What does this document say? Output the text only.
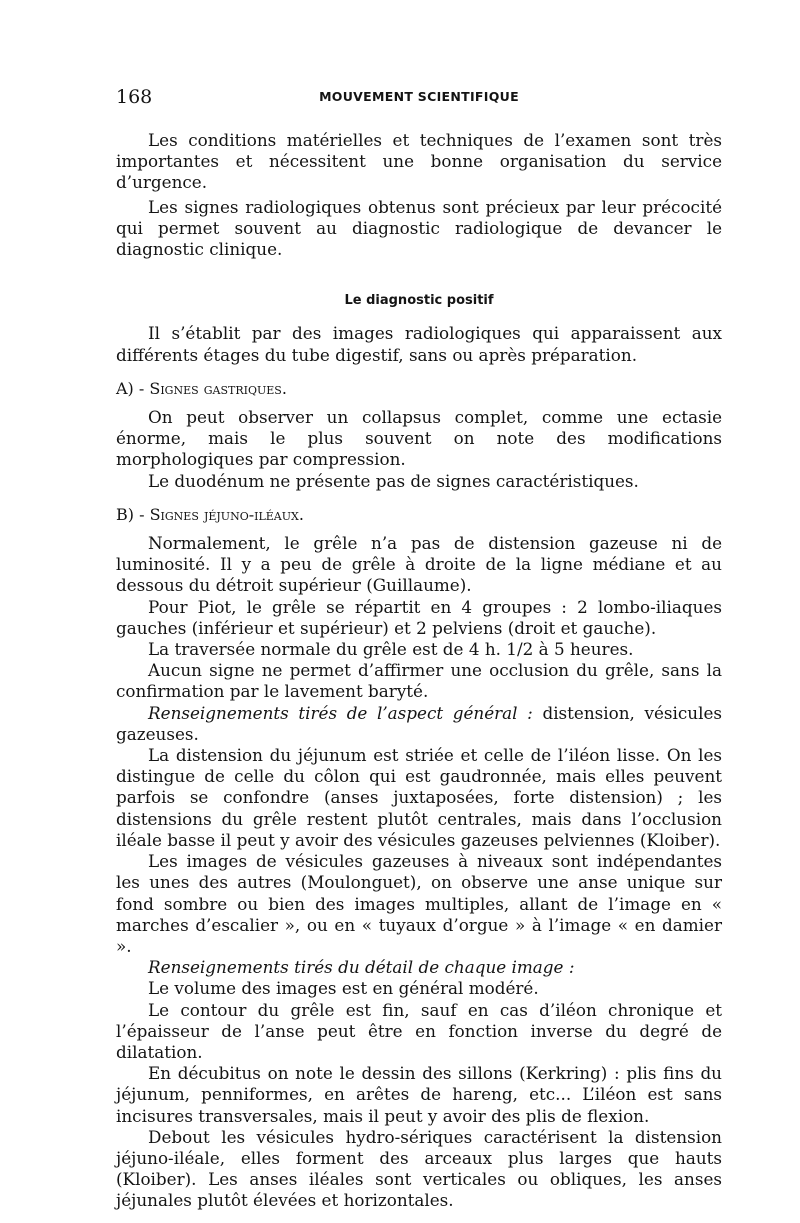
168	MOUVEMENT SCIENTIFIQUE

Les conditions matérielles et techniques de l’examen sont très importantes et nécessitent une bonne organisation du service d’urgence.

Les signes radiologiques obtenus sont précieux par leur précocité qui permet souvent au diagnostic radiologique de devancer le diagnostic clinique.

Le diagnostic positif

Il s’établit par des images radiologiques qui apparaissent aux différents étages du tube digestif, sans ou après préparation.

A) - Signes gastriques.

On peut observer un collapsus complet, comme une ectasie énorme, mais le plus souvent on note des modifications morphologiques par compression.

Le duodénum ne présente pas de signes caractéristiques.

B) - Signes jéjuno-iléaux.

Normalement, le grêle n’a pas de distension gazeuse ni de luminosité. Il y a peu de grêle à droite de la ligne médiane et au dessous du détroit supérieur (Guillaume).

Pour Piot, le grêle se répartit en 4 groupes : 2 lombo-iliaques gauches (inférieur et supérieur) et 2 pelviens (droit et gauche).

La traversée normale du grêle est de 4 h. 1/2 à 5 heures.

Aucun signe ne permet d’affirmer une occlusion du grêle, sans la confirmation par le lavement baryté.

Renseignements tirés de l’aspect général : distension, vésicules gazeuses.

La distension du jéjunum est striée et celle de l’iléon lisse. On les distingue de celle du côlon qui est gaudronnée, mais elles peuvent parfois se confondre (anses juxtaposées, forte distension) ; les distensions du grêle restent plutôt centrales, mais dans l’occlusion iléale basse il peut y avoir des vésicules gazeuses pelviennes (Kloiber).

Les images de vésicules gazeuses à niveaux sont indépendantes les unes des autres (Moulonguet), on observe une anse unique sur fond sombre ou bien des images multiples, allant de l’image en « marches d’escalier », ou en « tuyaux d’orgue » à l’image « en damier ».

Renseignements tirés du détail de chaque image :

Le volume des images est en général modéré.

Le contour du grêle est fin, sauf en cas d’iléon chronique et l’épaisseur de l’anse peut être en fonction inverse du degré de dilatation.

En décubitus on note le dessin des sillons (Kerkring) : plis fins du jéjunum, penniformes, en arêtes de hareng, etc... L’iléon est sans incisures transversales, mais il peut y avoir des plis de flexion.

Debout les vésicules hydro-sériques caractérisent la distension jéjuno-iléale, elles forment des arceaux plus larges que hauts (Kloiber). Les anses iléales sont verticales ou obliques, les anses jéjunales plutôt élevées et horizontales.
